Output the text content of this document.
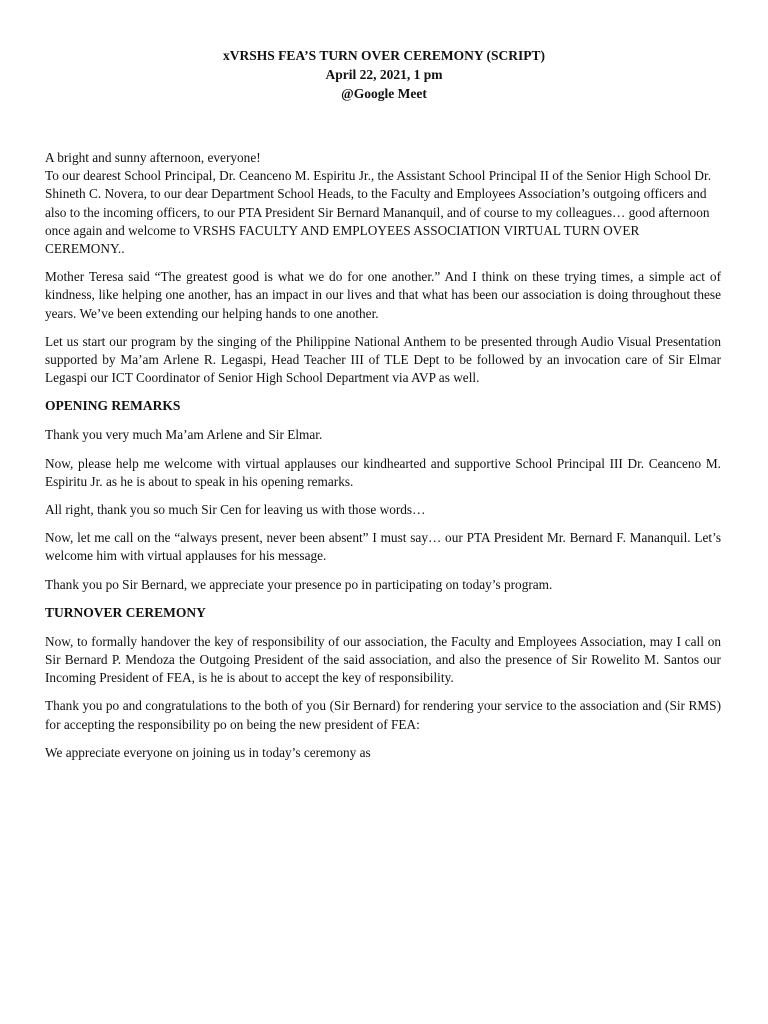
xVRSHS FEA’S TURN OVER CEREMONY (SCRIPT)
April 22, 2021, 1 pm
@Google Meet

A bright and sunny afternoon, everyone!

To our dearest School Principal, Dr. Ceanceno M. Espiritu Jr., the Assistant School Principal II of the Senior High School Dr. Shineth C. Novera, to our dear Department School Heads, to the Faculty and Employees Association’s outgoing officers and also to the incoming officers, to our PTA President Sir Bernard Mananquil, and of course to my colleagues… good afternoon once again and welcome to VRSHS FACULTY AND EMPLOYEES ASSOCIATION VIRTUAL TURN OVER CEREMONY..

Mother Teresa said “The greatest good is what we do for one another.” And I think on these trying times, a simple act of kindness, like helping one another, has an impact in our lives and that what has been our association is doing throughout these years. We’ve been extending our helping hands to one another.

Let us start our program by the singing of the Philippine National Anthem to be presented through Audio Visual Presentation supported by Ma’am Arlene R. Legaspi, Head Teacher III of TLE Dept to be followed by an invocation care of Sir Elmar Legaspi our ICT Coordinator of Senior High School Department via AVP as well.

OPENING REMARKS

Thank you very much Ma’am Arlene and Sir Elmar.

Now, please help me welcome with virtual applauses our kindhearted and supportive School Principal III Dr. Ceanceno M. Espiritu Jr. as he is about to speak in his opening remarks.

All right, thank you so much Sir Cen for leaving us with those words…

Now, let me call on the “always present, never been absent” I must say… our PTA President Mr. Bernard F. Mananquil. Let’s welcome him with virtual applauses for his message.

Thank you po Sir Bernard, we appreciate your presence po in participating on today’s program.

TURNOVER CEREMONY

Now, to formally handover the key of responsibility of our association, the Faculty and Employees Association, may I call on Sir Bernard P. Mendoza the Outgoing President of the said association, and also the presence of Sir Rowelito M. Santos our Incoming President of FEA, is he is about to accept the key of responsibility.

Thank you po and congratulations to the both of you (Sir Bernard) for rendering your service to the association and (Sir RMS) for accepting the responsibility po on being the new president of FEA:

We appreciate everyone on joining us in today’s ceremony as
